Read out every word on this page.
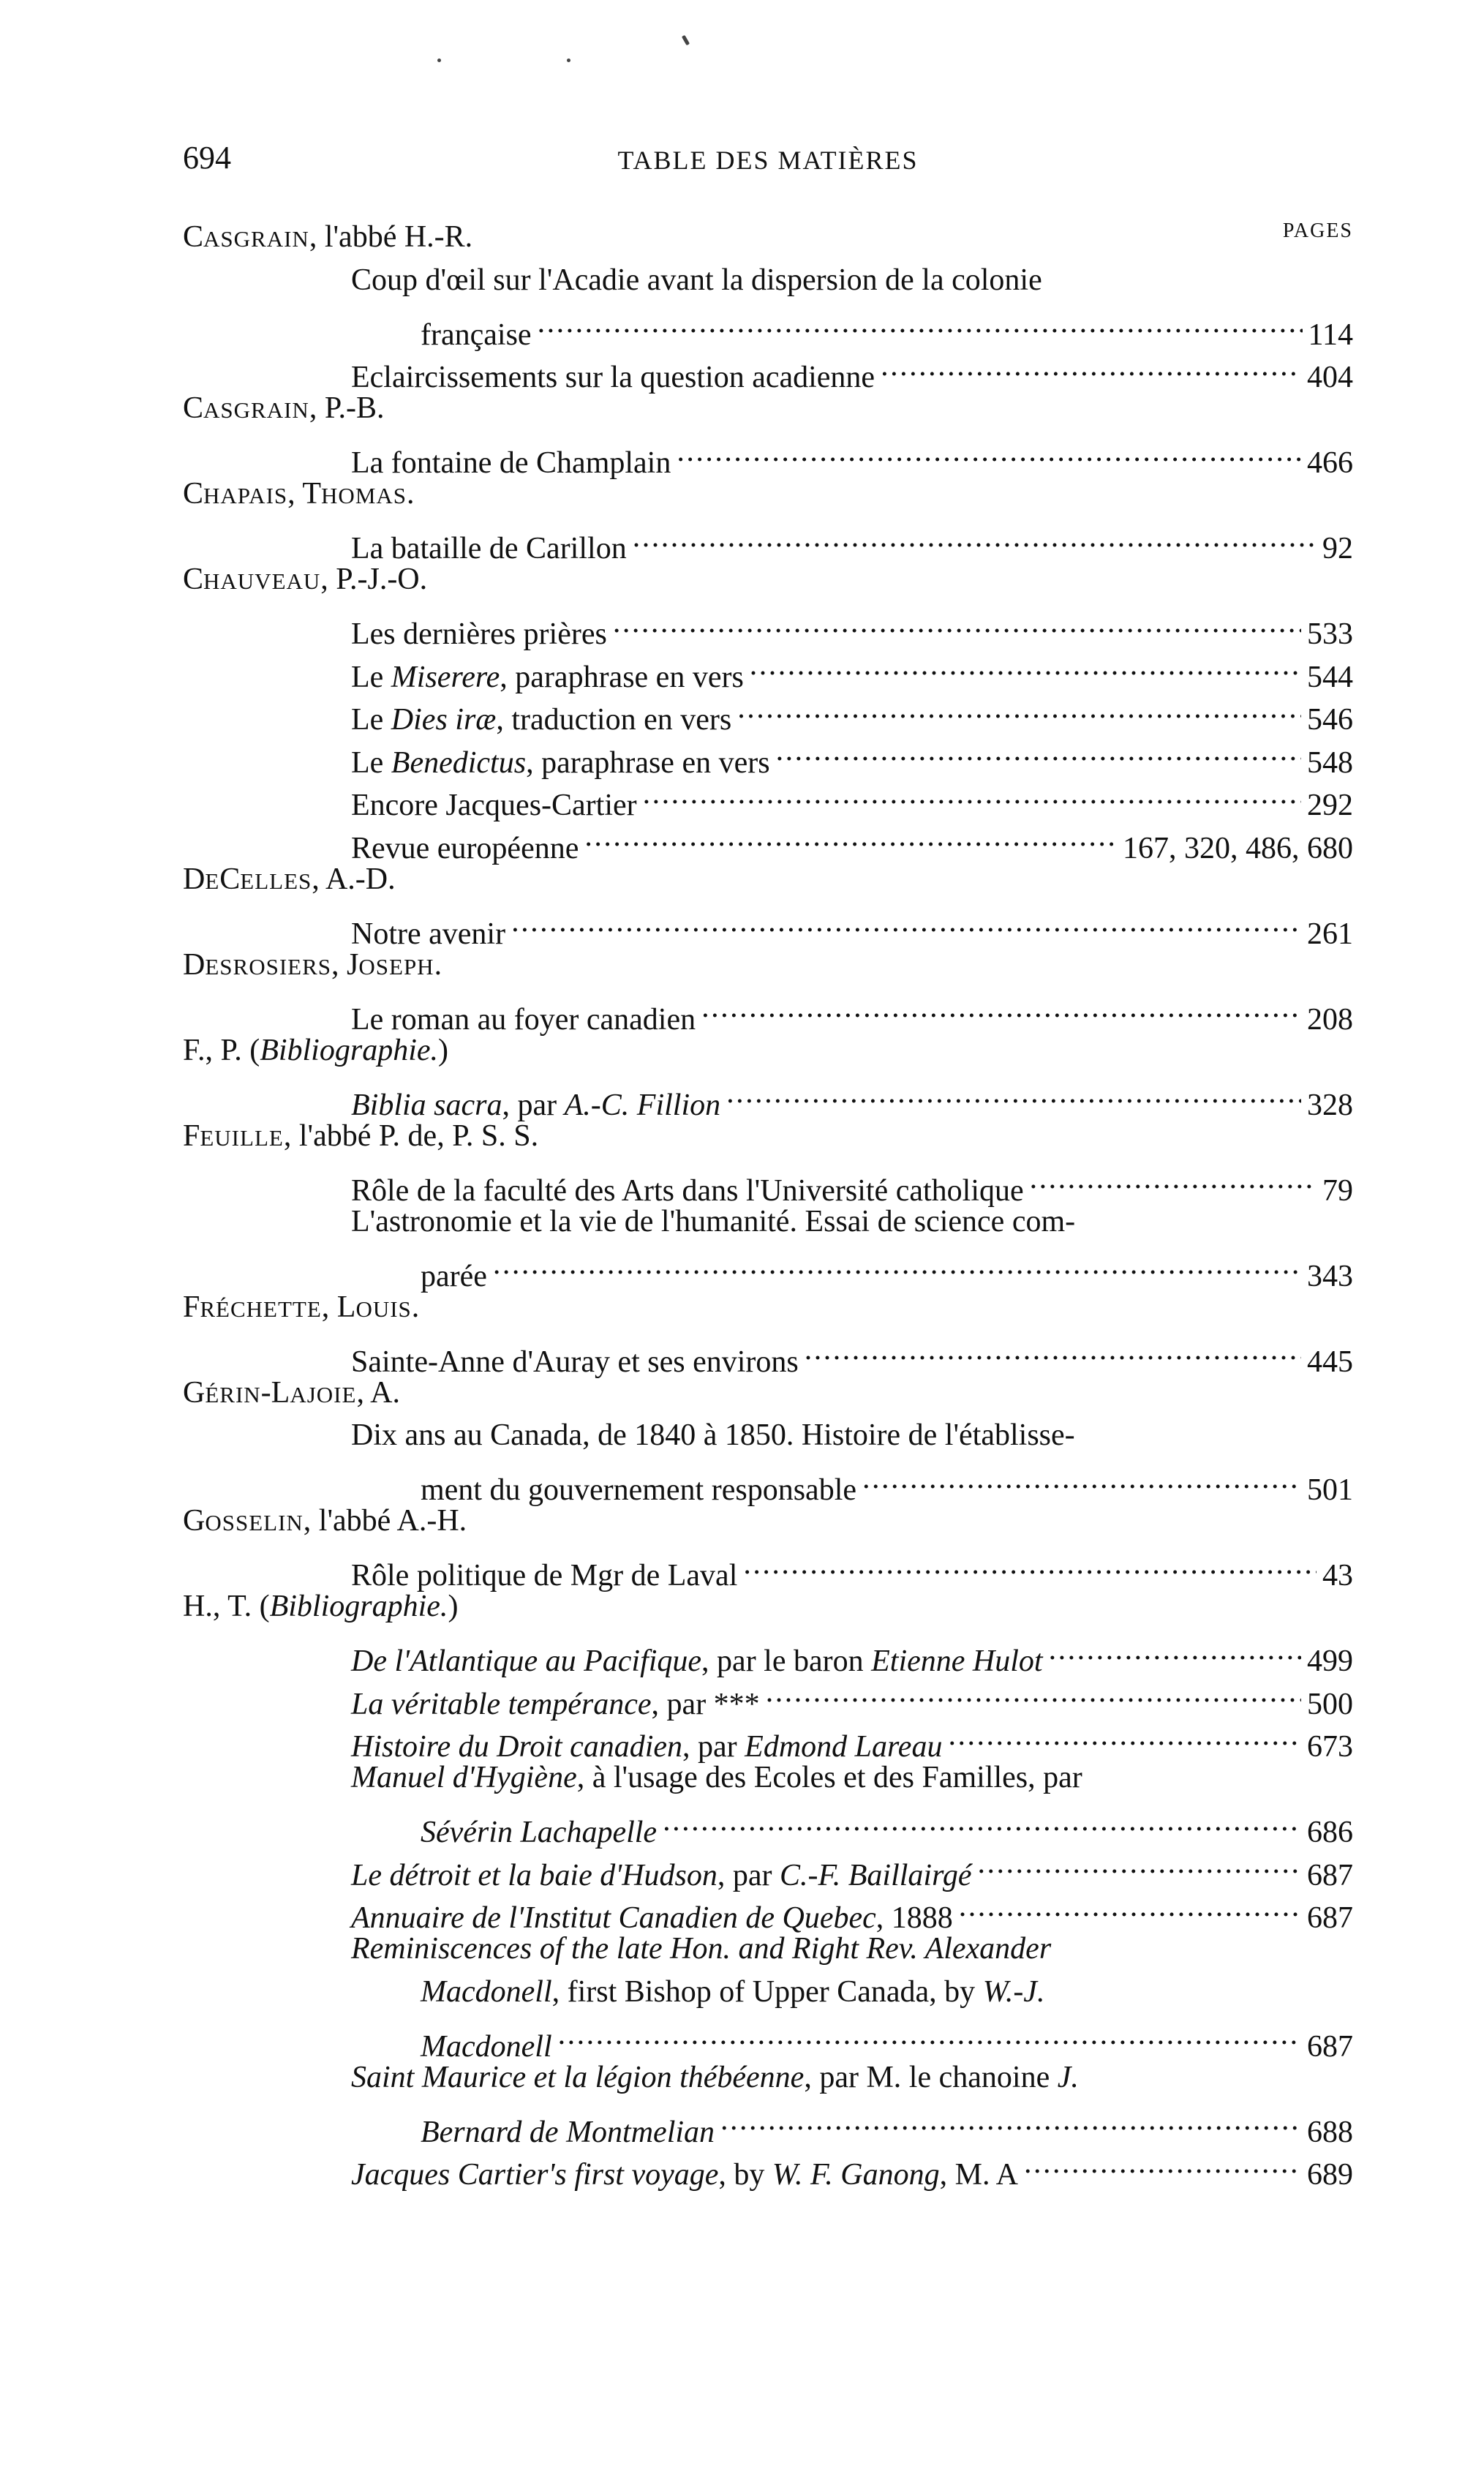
694	TABLE DES MATIÈRES
PAGES
CASGRAIN, l'abbé H.-R.
Coup d'œil sur l'Acadie avant la dispersion de la colonie
française . . .	114
Eclaircissements sur la question acadienne . . .	404
CASGRAIN, P.-B.
La fontaine de Champlain . . .	466
CHAPAIS, THOMAS.
La bataille de Carillon . . .	92
CHAUVEAU, P.-J.-O.
Les dernières prières . . .	533
Le Miserere, paraphrase en vers . . .	544
Le Dies iræ, traduction en vers . . .	546
Le Benedictus, paraphrase en vers . . .	548
Encore Jacques-Cartier . . .	292
Revue européenne . . .	167, 320, 486, 680
DECELLES, A.-D.
Notre avenir . . .	261
DESROSIERS, JOSEPH.
Le roman au foyer canadien . . .	208
F., P. (Bibliographie.)
Biblia sacra, par A.-C. Fillion . . .	328
FEUILLE, l'abbé P. de, P. S. S.
Rôle de la faculté des Arts dans l'Université catholique . . .	79
L'astronomie et la vie de l'humanité. Essai de science com-
parée . . .	343
FRÉCHETTE, LOUIS.
Sainte-Anne d'Auray et ses environs . . .	445
GÉRIN-LAJOIE, A.
Dix ans au Canada, de 1840 à 1850. Histoire de l'établisse-
ment du gouvernement responsable . . .	501
GOSSELIN, l'abbé A.-H.
Rôle politique de Mgr de Laval . . .	43
H., T. (Bibliographie.)
De l'Atlantique au Pacifique, par le baron Etienne Hulot . . .	499
La véritable tempérance, par *** . . .	500
Histoire du Droit canadien, par Edmond Lareau . . .	673
Manuel d'Hygiène, à l'usage des Ecoles et des Familles, par
Sévérin Lachapelle . . .	686
Le détroit et la baie d'Hudson, par C.-F. Baillairgé . . .	687
Annuaire de l'Institut Canadien de Quebec, 1888 . . .	687
Reminiscences of the late Hon. and Right Rev. Alexander
Macdonell, first Bishop of Upper Canada, by W.-J.
Macdonell . . .	687
Saint Maurice et la légion thébéenne, par M. le chanoine J.
Bernard de Montmelian . . .	688
Jacques Cartier's first voyage, by W. F. Ganong, M. A . . .	689
